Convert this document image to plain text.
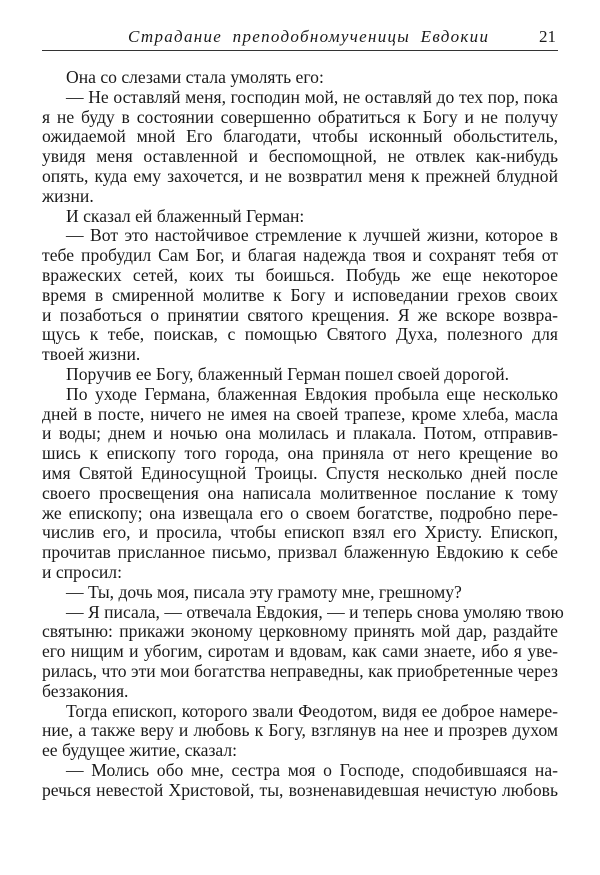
Страдание преподобномученицы Евдокии	21
Она со слезами стала умолять его:
— Не оставляй меня, господин мой, не оставляй до тех пор, пока
я не буду в состоянии совершенно обратиться к Богу и не получу
ожидаемой мной Его благодати, чтобы исконный обольститель,
увидя меня оставленной и беспомощной, не отвлек как-нибудь
опять, куда ему захочется, и не возвратил меня к прежней блудной
жизни.
И сказал ей блаженный Герман:
— Вот это настойчивое стремление к лучшей жизни, которое в
тебе пробудил Сам Бог, и благая надежда твоя и сохранят тебя от
вражеских сетей, коих ты боишься. Побудь же еще некоторое
время в смиренной молитве к Богу и исповедании грехов своих
и позаботься о принятии святого крещения. Я же вскоре возвра-
щусь к тебе, поискав, с помощью Святого Духа, полезного для
твоей жизни.
Поручив ее Богу, блаженный Герман пошел своей дорогой.
По уходе Германа, блаженная Евдокия пробыла еще несколько
дней в посте, ничего не имея на своей трапезе, кроме хлеба, масла
и воды; днем и ночью она молилась и плакала. Потом, отправив-
шись к епископу того города, она приняла от него крещение во
имя Святой Единосущной Троицы. Спустя несколько дней после
своего просвещения она написала молитвенное послание к тому
же епископу; она извещала его о своем богатстве, подробно пере-
числив его, и просила, чтобы епископ взял его Христу. Епископ,
прочитав присланное письмо, призвал блаженную Евдокию к себе
и спросил:
— Ты, дочь моя, писала эту грамоту мне, грешному?
— Я писала, — отвечала Евдокия, — и теперь снова умоляю твою
святыню: прикажи эконому церковному принять мой дар, раздайте
его нищим и убогим, сиротам и вдовам, как сами знаете, ибо я уве-
рилась, что эти мои богатства неправедны, как приобретенные через
беззакония.
Тогда епископ, которого звали Феодотом, видя ее доброе намере-
ние, а также веру и любовь к Богу, взглянув на нее и прозрев духом
ее будущее житие, сказал:
— Молись обо мне, сестра моя о Господе, сподобившаяся на-
речься невестой Христовой, ты, возненавидевшая нечистую любовь
